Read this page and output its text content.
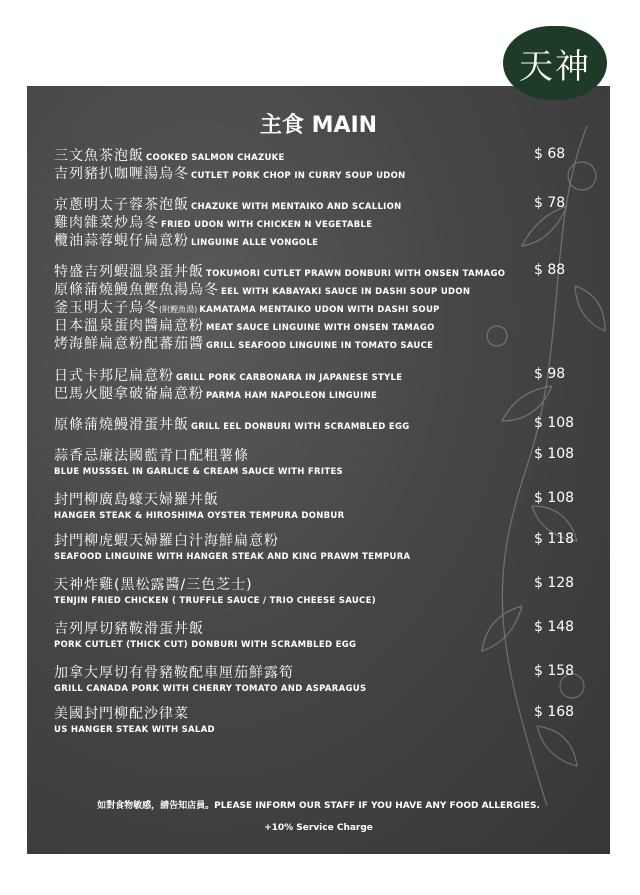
主食 MAIN
三文魚茶泡飯 COOKED SALMON CHAZUKE	$ 68
吉列豬扒咖喱湯烏冬 CUTLET PORK CHOP IN CURRY SOUP UDON
京蔥明太子蓉茶泡飯 CHAZUKE WITH MENTAIKO AND SCALLION	$ 78
雞肉雜菜炒烏冬 FRIED UDON WITH CHICKEN N VEGETABLE
欖油蒜蓉蜆仔扁意粉 LINGUINE ALLE VONGOLE
特盛吉列蝦溫泉蛋丼飯 TOKUMORI CUTLET PRAWN DONBURI WITH ONSEN TAMAGO $ 88
原條蒲燒鰻魚鰹魚湯烏冬 EEL WITH KABAYAKI SAUCE IN DASHI SOUP UDON
釜玉明太子烏冬(附鰹魚湯) KAMATAMA MENTAIKO UDON WITH DASHI SOUP
日本溫泉蛋肉醬扁意粉 MEAT SAUCE LINGUINE WITH ONSEN TAMAGO
烤海鮮扁意粉配蕃茄醬 GRILL SEAFOOD LINGUINE IN TOMATO SAUCE
日式卡邦尼扁意粉 GRILL PORK CARBONARA IN JAPANESE STYLE	$ 98
巴馬火腿拿破崙扁意粉 PARMA HAM NAPOLEON LINGUINE
原條蒲燒鰻滑蛋丼飯 GRILL EEL DONBURI WITH SCRAMBLED EGG	$ 108
蒜香忌廉法國藍青口配粗薯條	$ 108
BLUE MUSSSEL IN GARLICE & CREAM SAUCE WITH FRITES
封門柳廣島蠔天婦羅丼飯	$ 108
HANGER STEAK & HIROSHIMA OYSTER TEMPURA DONBUR
封門柳虎蝦天婦羅白汁海鮮扁意粉	$ 118
SEAFOOD LINGUINE WITH HANGER STEAK AND KING PRAWM TEMPURA
天神炸雞(黑松露醬/三色芝士)	$ 128
TENJIN FRIED CHICKEN ( TRUFFLE SAUCE / TRIO CHEESE SAUCE)
吉列厚切豬鞍滑蛋丼飯	$ 148
PORK CUTLET (THICK CUT) DONBURI WITH SCRAMBLED EGG
加拿大厚切有骨豬鞍配車厘茄鮮露筍	$ 158
GRILL CANADA PORK WITH CHERRY TOMATO AND ASPARAGUS
美國封門柳配沙律菜	$ 168
US HANGER STEAK WITH SALAD
如對食物敏感，請告知店員。PLEASE INFORM OUR STAFF IF YOU HAVE ANY FOOD ALLERGIES.
+10% Service Charge
天神
